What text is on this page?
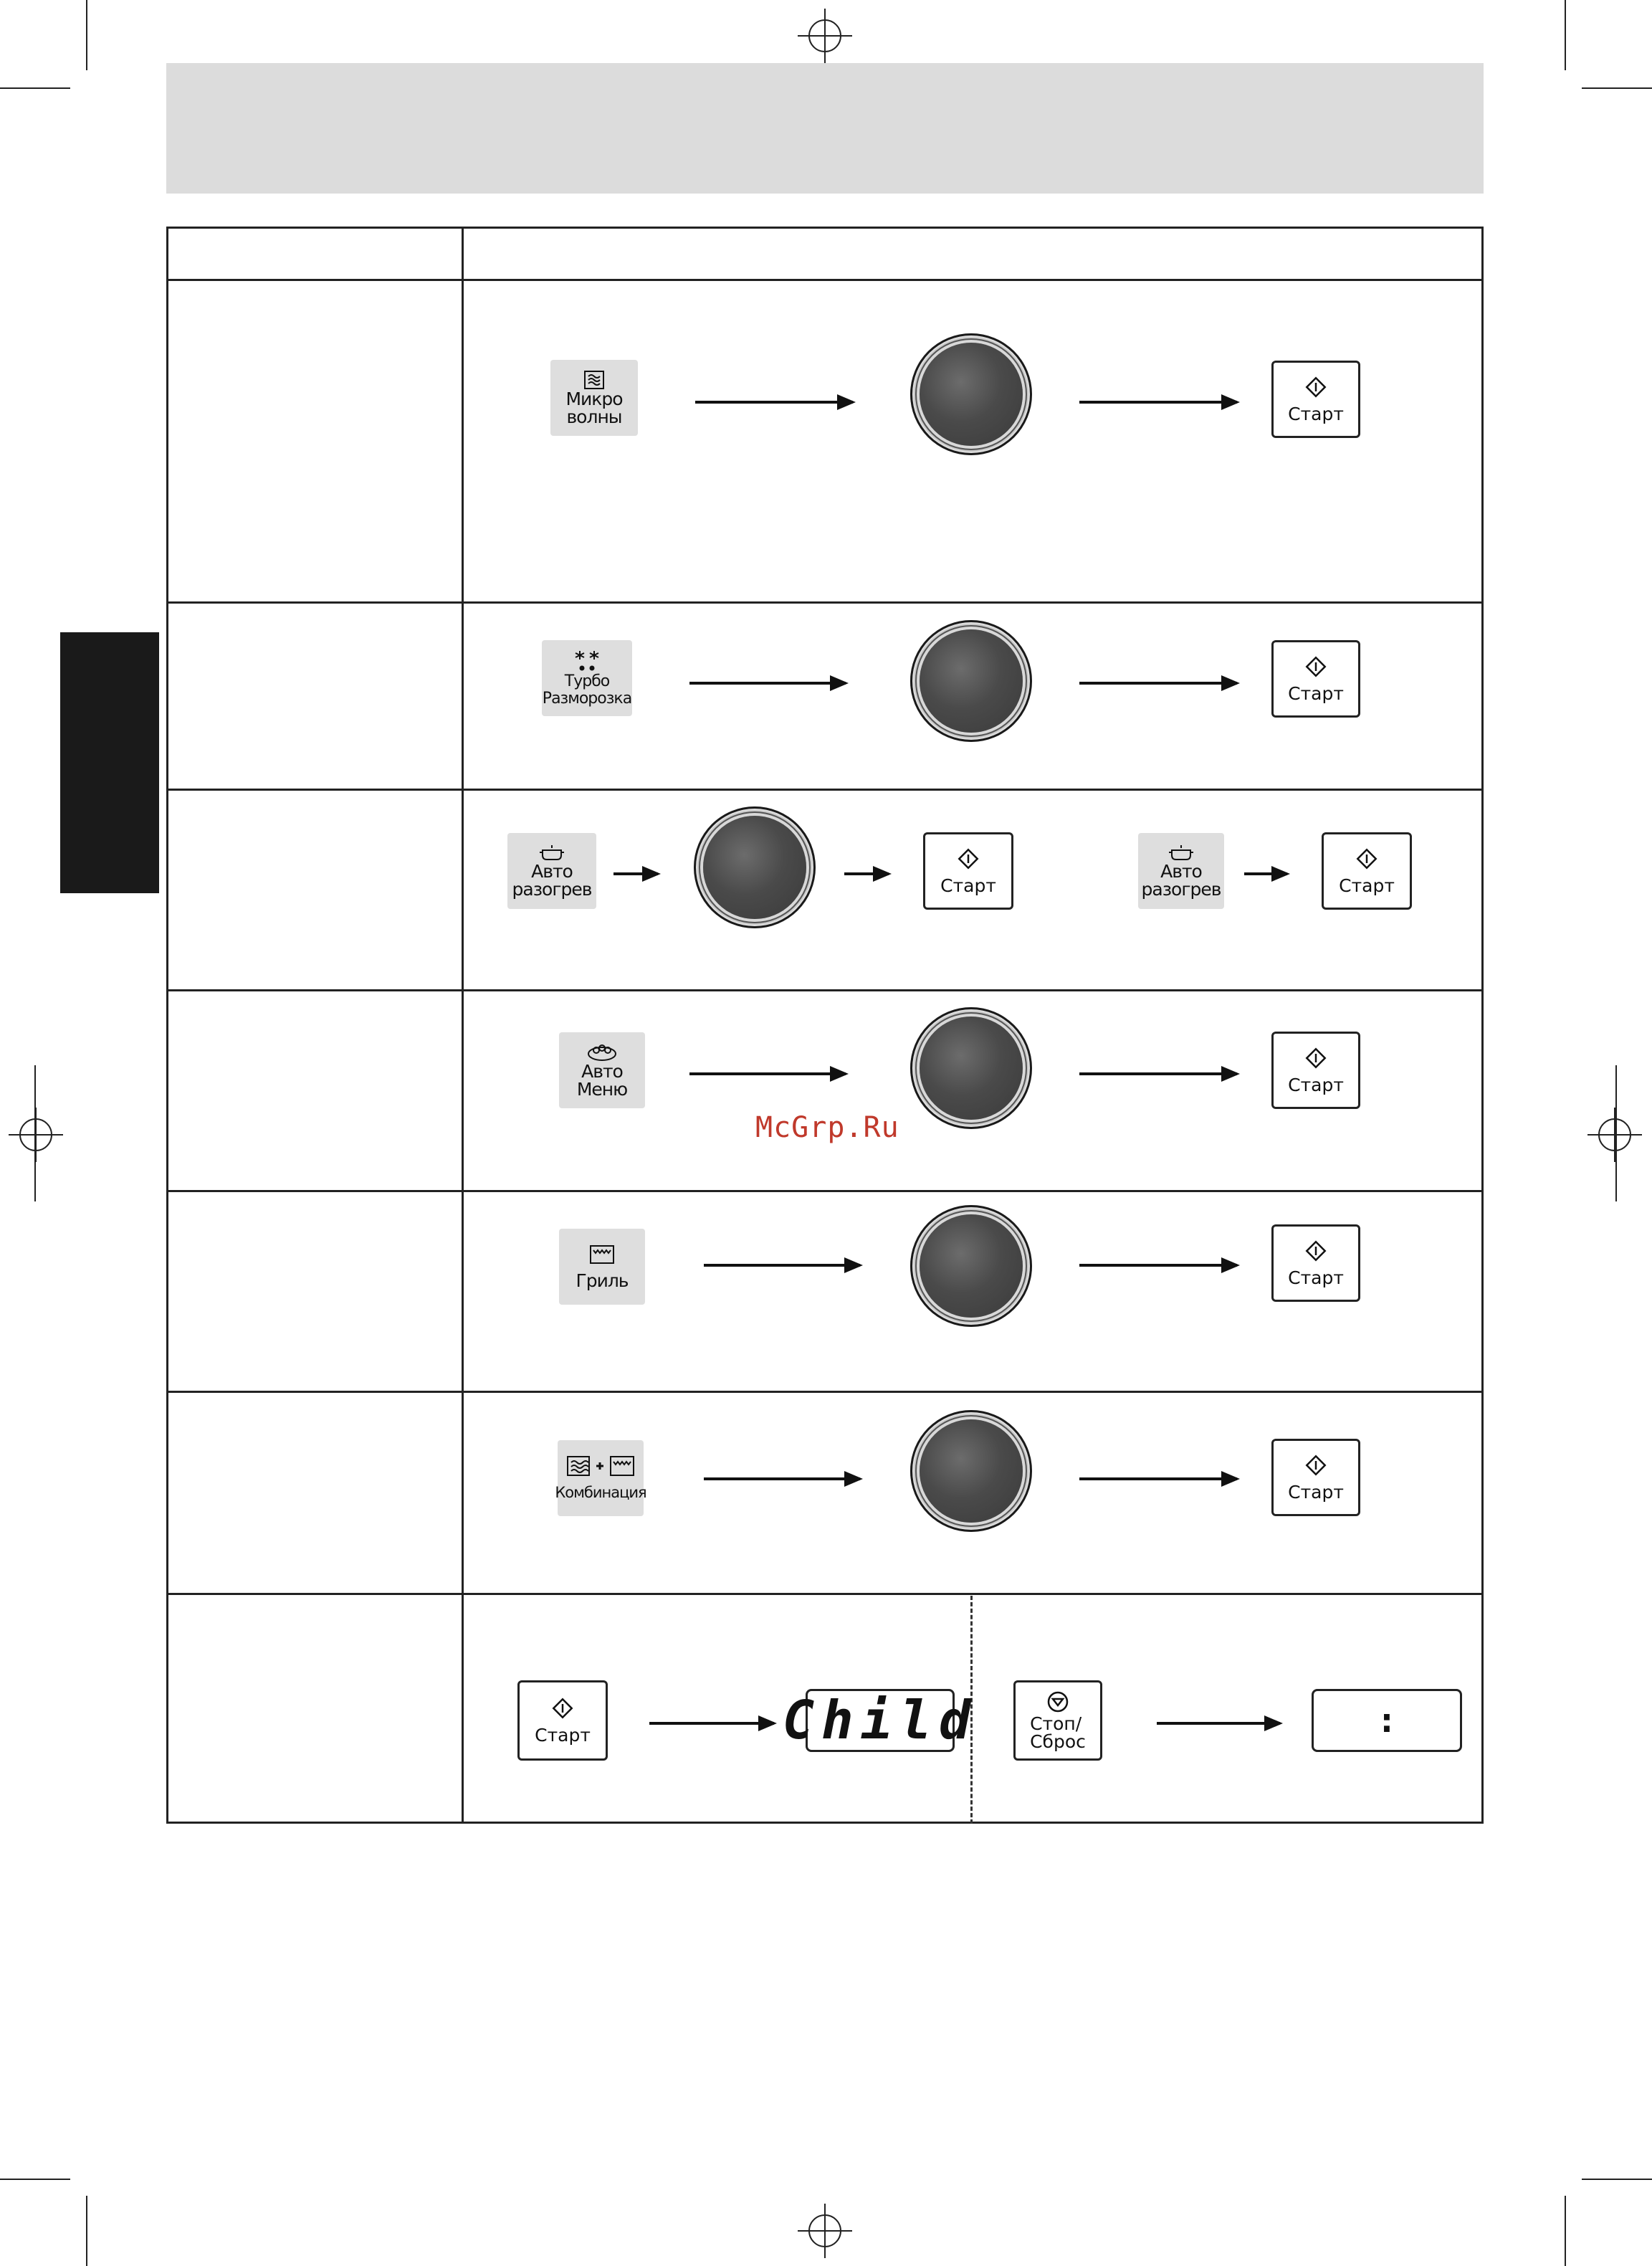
Микро
волны	Старт
Турбо
Разморозка	Старт
Авто
разогрев	Старт
Авто
разогрев	Старт
Авто
Меню	Старт
McGrp.Ru
Гриль	Старт
Комбинация	Старт
Старт	Child	Стоп/
Сброс
:
